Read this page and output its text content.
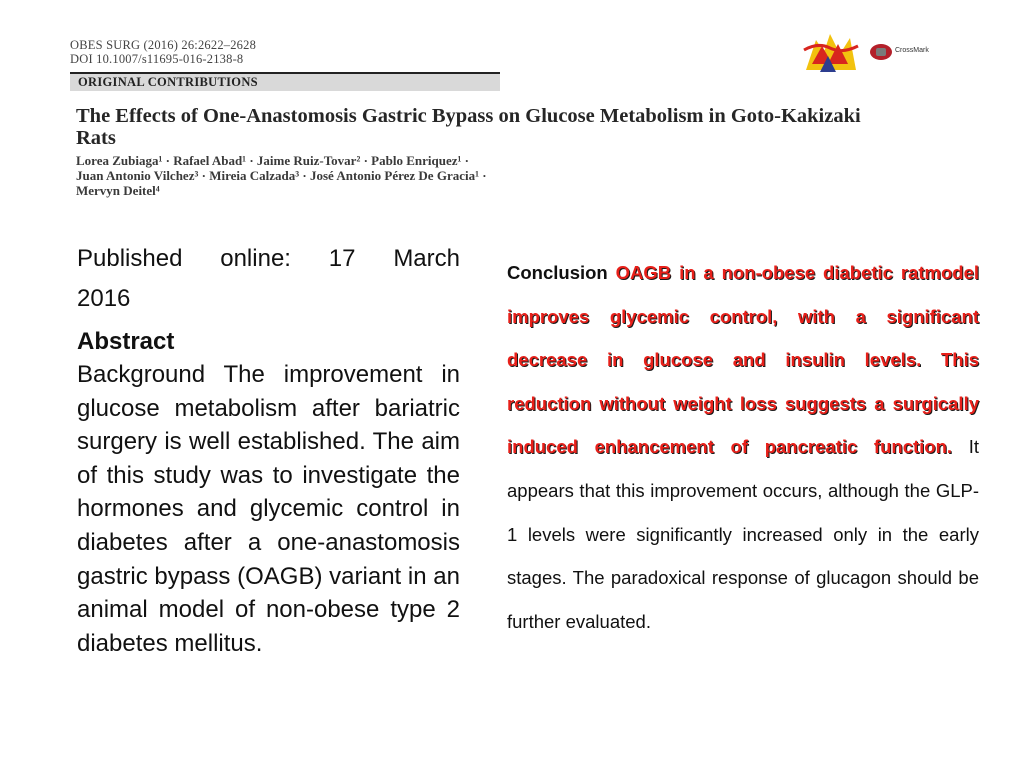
OBES SURG (2016) 26:2622–2628
DOI 10.1007/s11695-016-2138-8
ORIGINAL CONTRIBUTIONS
CrossMark
The Effects of One-Anastomosis Gastric Bypass on Glucose Metabolism in Goto-Kakizaki Rats
Lorea Zubiaga¹ · Rafael Abad¹ · Jaime Ruiz-Tovar² · Pablo Enriquez¹ ·
Juan Antonio Vilchez³ · Mireia Calzada³ · José Antonio Pérez De Gracia¹ ·
Mervyn Deitel⁴

Published online: 17 March

2016

Abstract

Background The improvement in glucose metabolism after bariatric surgery is well established. The aim of this study was to investigate the hormones and glycemic control in diabetes after a one-anastomosis gastric bypass (OAGB) variant in an animal model of non-obese type 2 diabetes mellitus.

Conclusion OAGB in a non-obese diabetic ratmodel improves glycemic control, with a significant decrease in glucose and insulin levels. This reduction without weight loss suggests a surgically induced enhancement of pancreatic function. It appears that this improvement occurs, although the GLP-1 levels were significantly increased only in the early stages. The paradoxical response of glucagon should be further evaluated.
